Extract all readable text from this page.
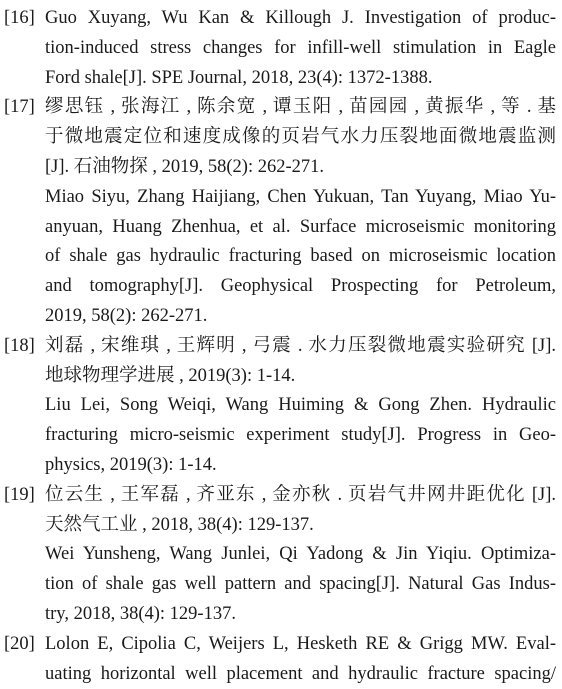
[16] Guo Xuyang, Wu Kan & Killough J. Investigation of produc-
tion-induced stress changes for infill-well stimulation in Eagle
Ford shale[J]. SPE Journal, 2018, 23(4): 1372-1388.
[17] 缪思钰 , 张海江 , 陈余宽 , 谭玉阳 , 苗园园 , 黄振华 , 等 . 基
于微地震定位和速度成像的页岩气水力压裂地面微地震监测
[J]. 石油物探 , 2019, 58(2): 262-271.
Miao Siyu, Zhang Haijiang, Chen Yukuan, Tan Yuyang, Miao Yu-
anyuan, Huang Zhenhua, et al. Surface microseismic monitoring
of shale gas hydraulic fracturing based on microseismic location
and tomography[J]. Geophysical Prospecting for Petroleum,
2019, 58(2): 262-271.
[18] 刘磊 , 宋维琪 , 王辉明 , 弓震 . 水力压裂微地震实验研究 [J].
地球物理学进展 , 2019(3): 1-14.
Liu Lei, Song Weiqi, Wang Huiming & Gong Zhen. Hydraulic
fracturing micro-seismic experiment study[J]. Progress in Geo-
physics, 2019(3): 1-14.
[19] 位云生 , 王军磊 , 齐亚东 , 金亦秋 . 页岩气井网井距优化 [J].
天然气工业 , 2018, 38(4): 129-137.
Wei Yunsheng, Wang Junlei, Qi Yadong & Jin Yiqiu. Optimiza-
tion of shale gas well pattern and spacing[J]. Natural Gas Indus-
try, 2018, 38(4): 129-137.
[20] Lolon E, Cipolia C, Weijers L, Hesketh RE & Grigg MW. Eval-
uating horizontal well placement and hydraulic fracture spacing/
